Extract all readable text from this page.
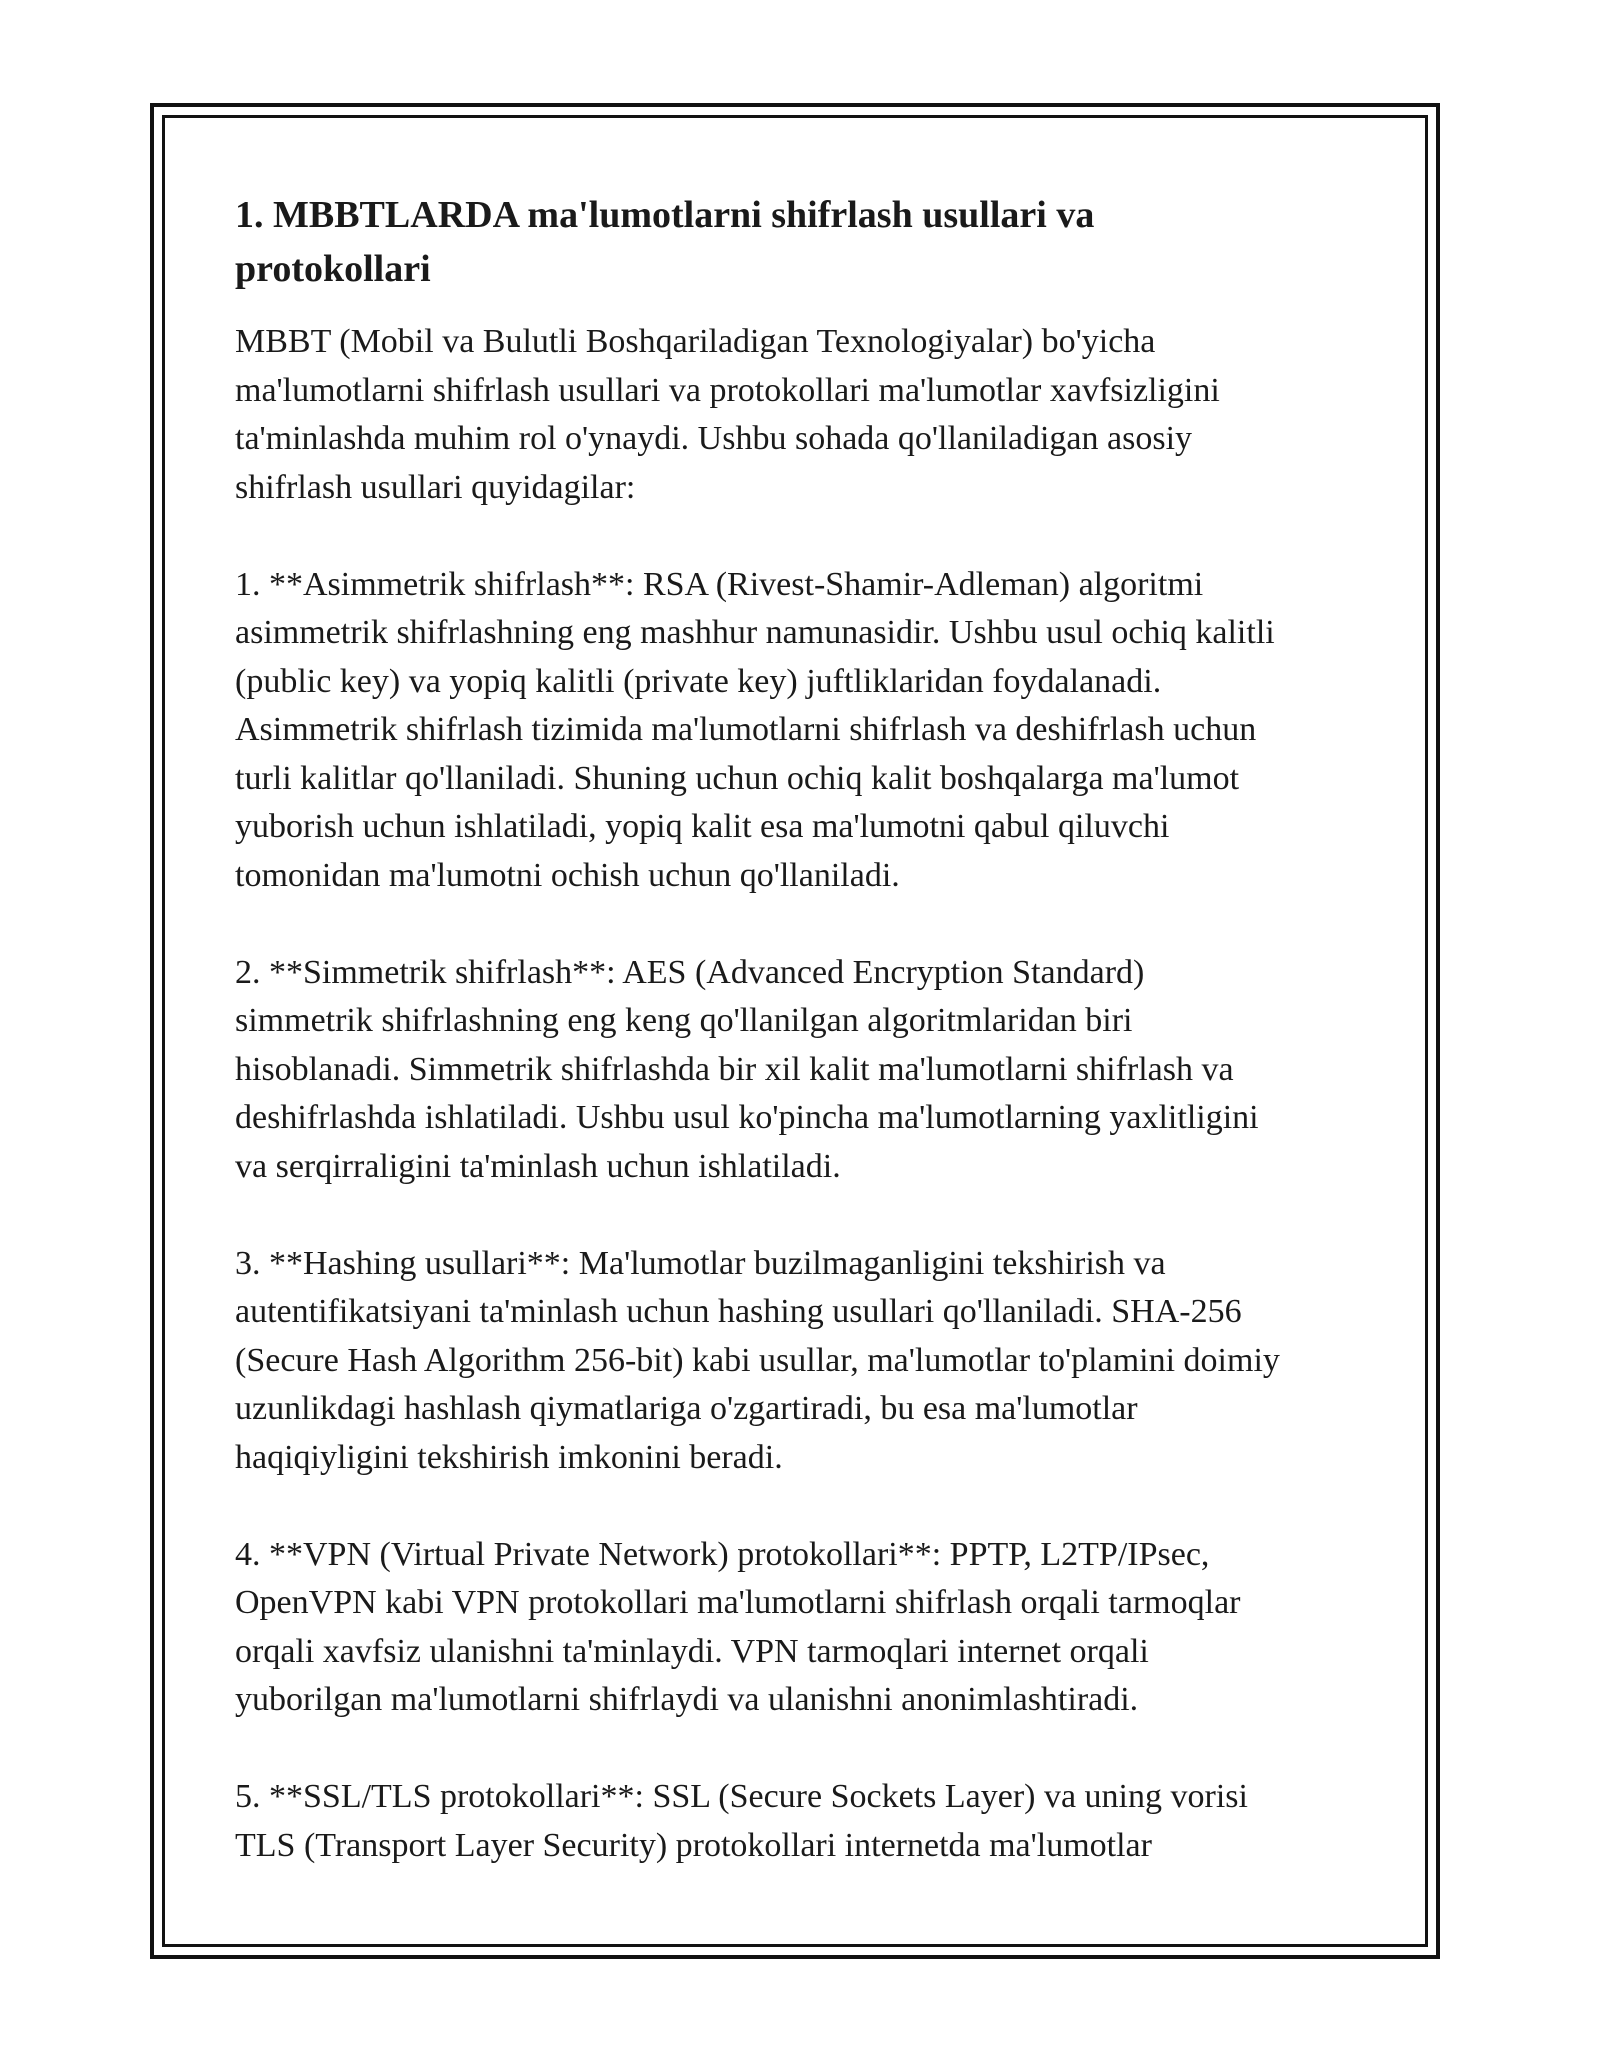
1. MBBTLARDA ma'lumotlarni shifrlash usullari va
protokollari

MBBT (Mobil va Bulutli Boshqariladigan Texnologiyalar) bo'yicha
ma'lumotlarni shifrlash usullari va protokollari ma'lumotlar xavfsizligini
ta'minlashda muhim rol o'ynaydi. Ushbu sohada qo'llaniladigan asosiy
shifrlash usullari quyidagilar:

1. **Asimmetrik shifrlash**: RSA (Rivest-Shamir-Adleman) algoritmi
asimmetrik shifrlashning eng mashhur namunasidir. Ushbu usul ochiq kalitli
(public key) va yopiq kalitli (private key) juftliklaridan foydalanadi.
Asimmetrik shifrlash tizimida ma'lumotlarni shifrlash va deshifrlash uchun
turli kalitlar qo'llaniladi. Shuning uchun ochiq kalit boshqalarga ma'lumot
yuborish uchun ishlatiladi, yopiq kalit esa ma'lumotni qabul qiluvchi
tomonidan ma'lumotni ochish uchun qo'llaniladi.

2. **Simmetrik shifrlash**: AES (Advanced Encryption Standard)
simmetrik shifrlashning eng keng qo'llanilgan algoritmlaridan biri
hisoblanadi. Simmetrik shifrlashda bir xil kalit ma'lumotlarni shifrlash va
deshifrlashda ishlatiladi. Ushbu usul ko'pincha ma'lumotlarning yaxlitligini
va serqirraligini ta'minlash uchun ishlatiladi.

3. **Hashing usullari**: Ma'lumotlar buzilmaganligini tekshirish va
autentifikatsiyani ta'minlash uchun hashing usullari qo'llaniladi. SHA-256
(Secure Hash Algorithm 256-bit) kabi usullar, ma'lumotlar to'plamini doimiy
uzunlikdagi hashlash qiymatlariga o'zgartiradi, bu esa ma'lumotlar
haqiqiyligini tekshirish imkonini beradi.

4. **VPN (Virtual Private Network) protokollari**: PPTP, L2TP/IPsec,
OpenVPN kabi VPN protokollari ma'lumotlarni shifrlash orqali tarmoqlar
orqali xavfsiz ulanishni ta'minlaydi. VPN tarmoqlari internet orqali
yuborilgan ma'lumotlarni shifrlaydi va ulanishni anonimlashtiradi.

5. **SSL/TLS protokollari**: SSL (Secure Sockets Layer) va uning vorisi
TLS (Transport Layer Security) protokollari internetda ma'lumotlar
